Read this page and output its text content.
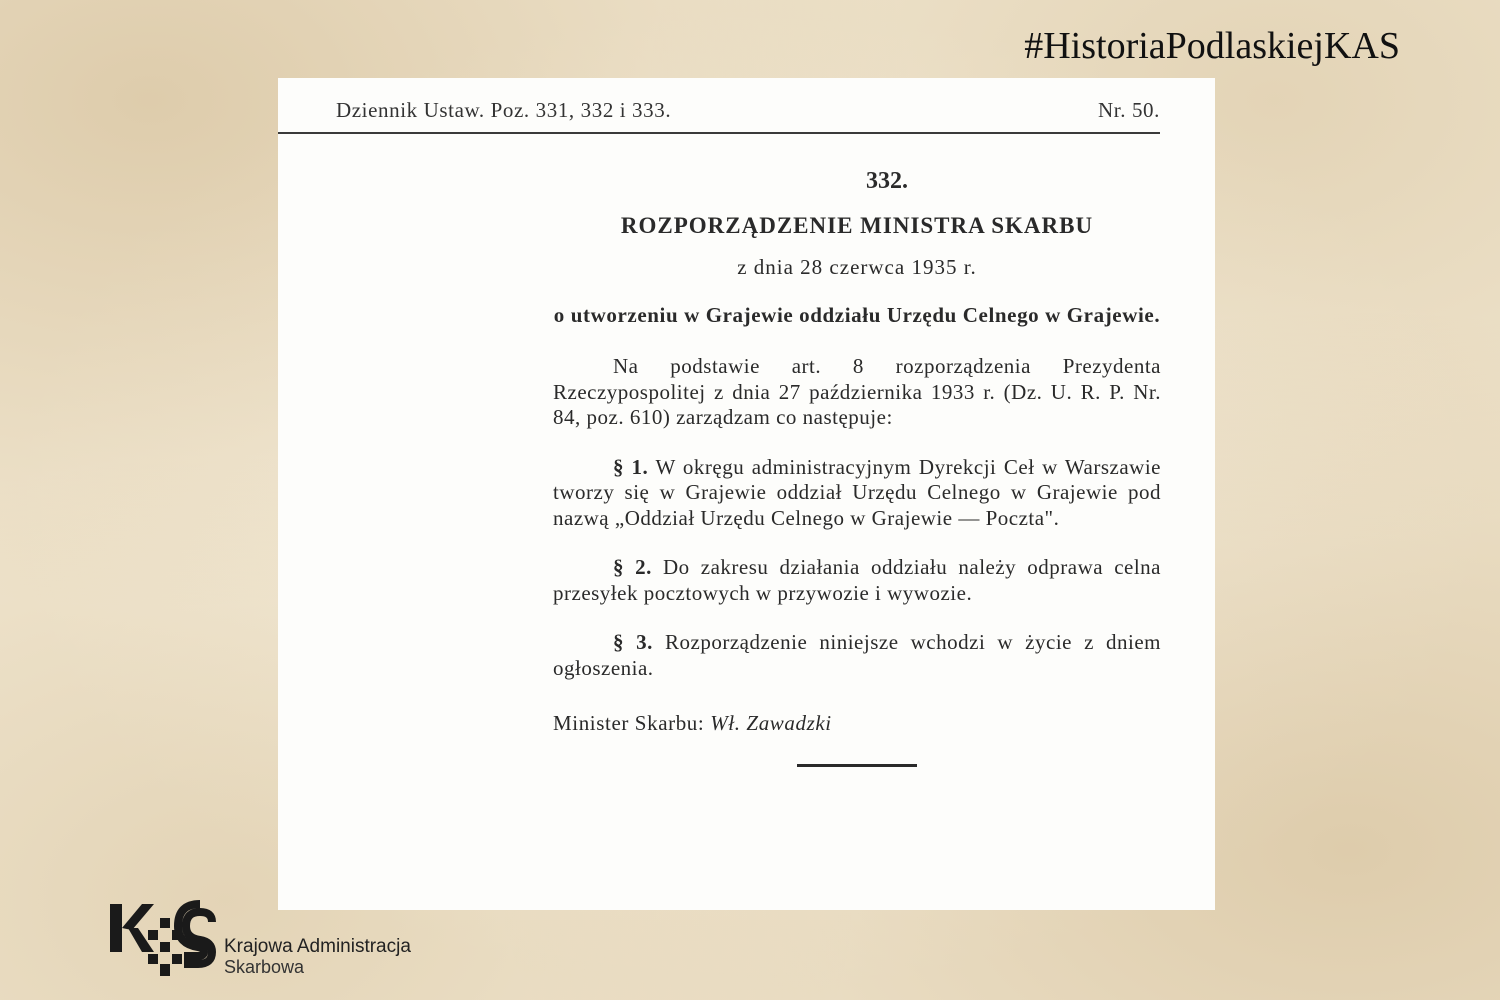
#HistoriaPodlaskiejKAS
Dziennik Ustaw. Poz. 331, 332 i 333.	Nr. 50.
332.
ROZPORZĄDZENIE MINISTRA SKARBU
z dnia 28 czerwca 1935 r.
o utworzeniu w Grajewie oddziału Urzędu Celnego w Grajewie.
Na podstawie art. 8 rozporządzenia Prezydenta Rzeczypospolitej z dnia 27 października 1933 r. (Dz. U. R. P. Nr. 84, poz. 610) zarządzam co następuje:
§ 1. W okręgu administracyjnym Dyrekcji Ceł w Warszawie tworzy się w Grajewie oddział Urzędu Celnego w Grajewie pod nazwą „Oddział Urzędu Celnego w Grajewie — Poczta".
§ 2. Do zakresu działania oddziału należy odprawa celna przesyłek pocztowych w przywozie i wywozie.
§ 3. Rozporządzenie niniejsze wchodzi w życie z dniem ogłoszenia.
Minister Skarbu: Wł. Zawadzki
Krajowa Administracja
Skarbowa
